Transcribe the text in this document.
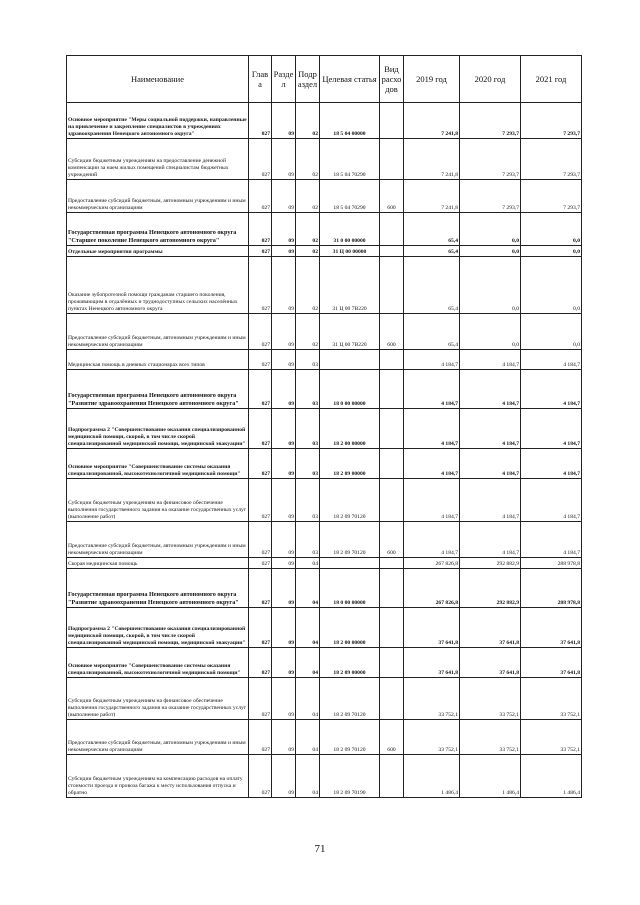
Наименование	Глав а	Разде л	Подр аздел	Целевая статья	Вид расхо дов	2019 год	2020 год	2021 год
Основное мероприятие "Меры социальной поддержки, направленные на привлечение и закрепление специалистов в учреждениях здравоохранения Ненецкого автономного округа"	027	09	02	18 5 04 00000		7 241,8	7 293,7	7 293,7
Субсидии бюджетным учреждениям на предоставление денежной компенсации за наем жилых помещений специалистам бюджетных учреждений	027	09	02	18 5 04 70290		7 241,8	7 293,7	7 293,7
Предоставление субсидий бюджетным, автономным учреждениям и иным некоммерческим организациям	027	09	02	18 5 04 70290	600	7 241,8	7 293,7	7 293,7
Государственная программа Ненецкого автономного округа "Старшее поколение Ненецкого автономного округа"	027	09	02	31 0 00 00000		65,4	0,0	0,0
Отдельные мероприятия программы	027	09	02	31 Ц 00 00000		65,4	0,0	0,0
Оказание зубопротезной помощи гражданам старшего поколения, проживающим в отдалённых и труднодоступных сельских населённых пунктах Ненецкого автономного округа	027	09	02	31 Ц 00 7В220		65,4	0,0	0,0
Предоставление субсидий бюджетным, автономным учреждениям и иным некоммерческим организациям	027	09	02	31 Ц 00 7В220	600	65,4	0,0	0,0
Медицинская помощь в дневных стационарах всех типов	027	09	03			4 184,7	4 184,7	4 184,7
Государственная программа Ненецкого автономного округа "Развитие здравоохранения Ненецкого автономного округа"	027	09	03	18 0 00 00000		4 184,7	4 184,7	4 184,7
Подпрограмма 2 "Совершенствование оказания специализированной медицинской помощи, скорой, в том числе скорой специализированной медицинской помощи, медицинской эвакуации"	027	09	03	18 2 00 00000		4 184,7	4 184,7	4 184,7
Основное мероприятие "Совершенствование системы оказания специализированной, высокотехнологичной медицинской помощи"	027	09	03	18 2 09 00000		4 184,7	4 184,7	4 184,7
Субсидии бюджетным учреждениям на финансовое обеспечение выполнения государственного задания на оказание государственных услуг (выполнение работ)	027	09	03	18 2 09 70120		4 184,7	4 184,7	4 184,7
Предоставление субсидий бюджетным, автономным учреждениям и иным некоммерческим организациям	027	09	03	18 2 09 70120	600	4 184,7	4 184,7	4 184,7
Скорая медицинская помощь	027	09	04			267 826,8	292 882,9	288 978,8
Государственная программа Ненецкого автономного округа "Развитие здравоохранения Ненецкого автономного округа"	027	09	04	18 0 00 00000		267 826,8	292 882,9	288 978,8
Подпрограмма 2 "Совершенствование оказания специализированной медицинской помощи, скорой, в том числе скорой специализированной медицинской помощи, медицинской эвакуации"	027	09	04	18 2 00 00000		37 641,8	37 641,8	37 641,8
Основное мероприятие "Совершенствование системы оказания специализированной, высокотехнологичной медицинской помощи"	027	09	04	18 2 09 00000		37 641,8	37 641,8	37 641,8
Субсидии бюджетным учреждениям на финансовое обеспечение выполнения государственного задания на оказание государственных услуг (выполнение работ)	027	09	04	18 2 09 70120		33 752,1	33 752,1	33 752,1
Предоставление субсидий бюджетным, автономным учреждениям и иным некоммерческим организациям	027	09	04	18 2 09 70120	600	33 752,1	33 752,1	33 752,1
Субсидии бюджетным учреждениям на компенсацию расходов на оплату стоимости проезда и провоза багажа к месту использования отпуска и обратно	027	09	04	18 2 09 70190		1 486,4	1 486,4	1 486,4
71
